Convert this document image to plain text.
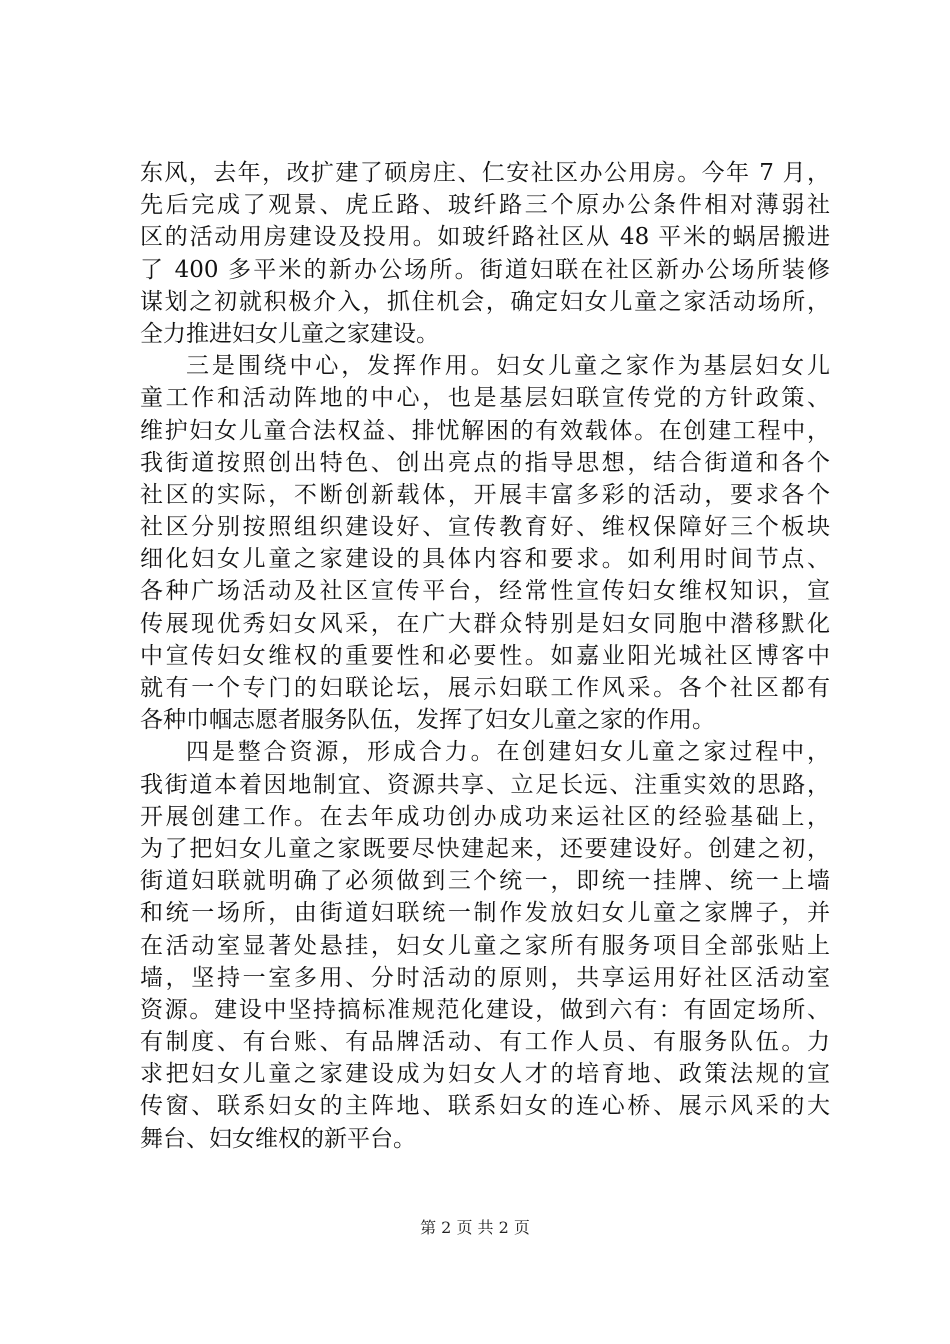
东风，去年，改扩建了硕房庄、仁安社区办公用房。今年 7 月，
先后完成了观景、虎丘路、玻纤路三个原办公条件相对薄弱社
区的活动用房建设及投用。如玻纤路社区从 48 平米的蜗居搬进
了 400 多平米的新办公场所。街道妇联在社区新办公场所装修
谋划之初就积极介入，抓住机会，确定妇女儿童之家活动场所，
全力推进妇女儿童之家建设。
三是围绕中心，发挥作用。妇女儿童之家作为基层妇女儿
童工作和活动阵地的中心，也是基层妇联宣传党的方针政策、
维护妇女儿童合法权益、排忧解困的有效载体。在创建工程中，
我街道按照创出特色、创出亮点的指导思想，结合街道和各个
社区的实际，不断创新载体，开展丰富多彩的活动，要求各个
社区分别按照组织建设好、宣传教育好、维权保障好三个板块
细化妇女儿童之家建设的具体内容和要求。如利用时间节点、
各种广场活动及社区宣传平台，经常性宣传妇女维权知识，宣
传展现优秀妇女风采，在广大群众特别是妇女同胞中潜移默化
中宣传妇女维权的重要性和必要性。如嘉业阳光城社区博客中
就有一个专门的妇联论坛，展示妇联工作风采。各个社区都有
各种巾帼志愿者服务队伍，发挥了妇女儿童之家的作用。
四是整合资源，形成合力。在创建妇女儿童之家过程中，
我街道本着因地制宜、资源共享、立足长远、注重实效的思路，
开展创建工作。在去年成功创办成功来运社区的经验基础上，
为了把妇女儿童之家既要尽快建起来，还要建设好。创建之初，
街道妇联就明确了必须做到三个统一，即统一挂牌、统一上墙
和统一场所，由街道妇联统一制作发放妇女儿童之家牌子，并
在活动室显著处悬挂，妇女儿童之家所有服务项目全部张贴上
墙，坚持一室多用、分时活动的原则，共享运用好社区活动室
资源。建设中坚持搞标准规范化建设，做到六有：有固定场所、
有制度、有台账、有品牌活动、有工作人员、有服务队伍。力
求把妇女儿童之家建设成为妇女人才的培育地、政策法规的宣
传窗、联系妇女的主阵地、联系妇女的连心桥、展示风采的大
舞台、妇女维权的新平台。
第 2 页 共 2 页
